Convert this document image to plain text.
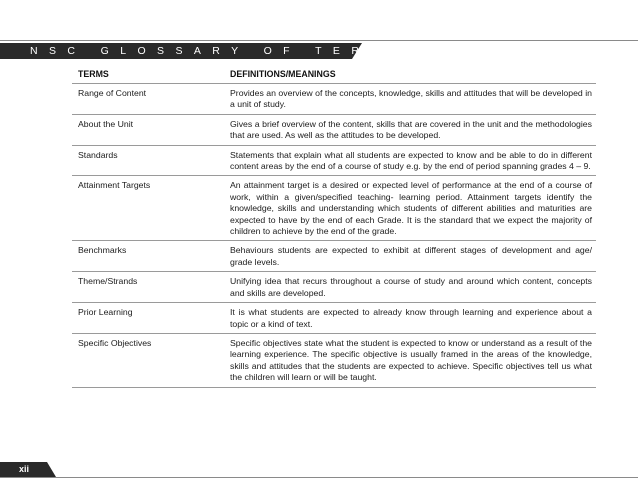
NSC GLOSSARY OF TERMS
TERMS	DEFINITIONS/MEANINGS
Range of Content	Provides an overview of the concepts, knowledge, skills and attitudes that will be developed in a unit of study.
About the Unit	Gives a brief overview of the content, skills that are covered in the unit and the methodologies that are used. As well as the attitudes to be developed.
Standards	Statements that explain what all students are expected to know and be able to do in different content areas by the end of a course of study e.g. by the end of period spanning grades 4 – 9.
Attainment Targets	An attainment target is a desired or expected level of performance at the end of a course of work, within a given/specified teaching- learning period. Attainment targets identify the knowledge, skills and understanding which students of different abilities and maturities are expected to have by the end of each Grade. It is the standard that we expect the majority of children to achieve by the end of the grade.
Benchmarks	Behaviours students are expected to exhibit at different stages of development and age/ grade levels.
Theme/Strands	Unifying idea that recurs throughout a course of study and around which content, concepts and skills are developed.
Prior Learning	It is what students are expected to already know through learning and experience about a topic or a kind of text.
Specific Objectives	Specific objectives state what the student is expected to know or understand as a result of the learning experience. The specific objective is usually framed in the areas of the knowledge, skills and attitudes that the students are expected to achieve. Specific objectives tell us what the children will learn or will be taught.
xii
